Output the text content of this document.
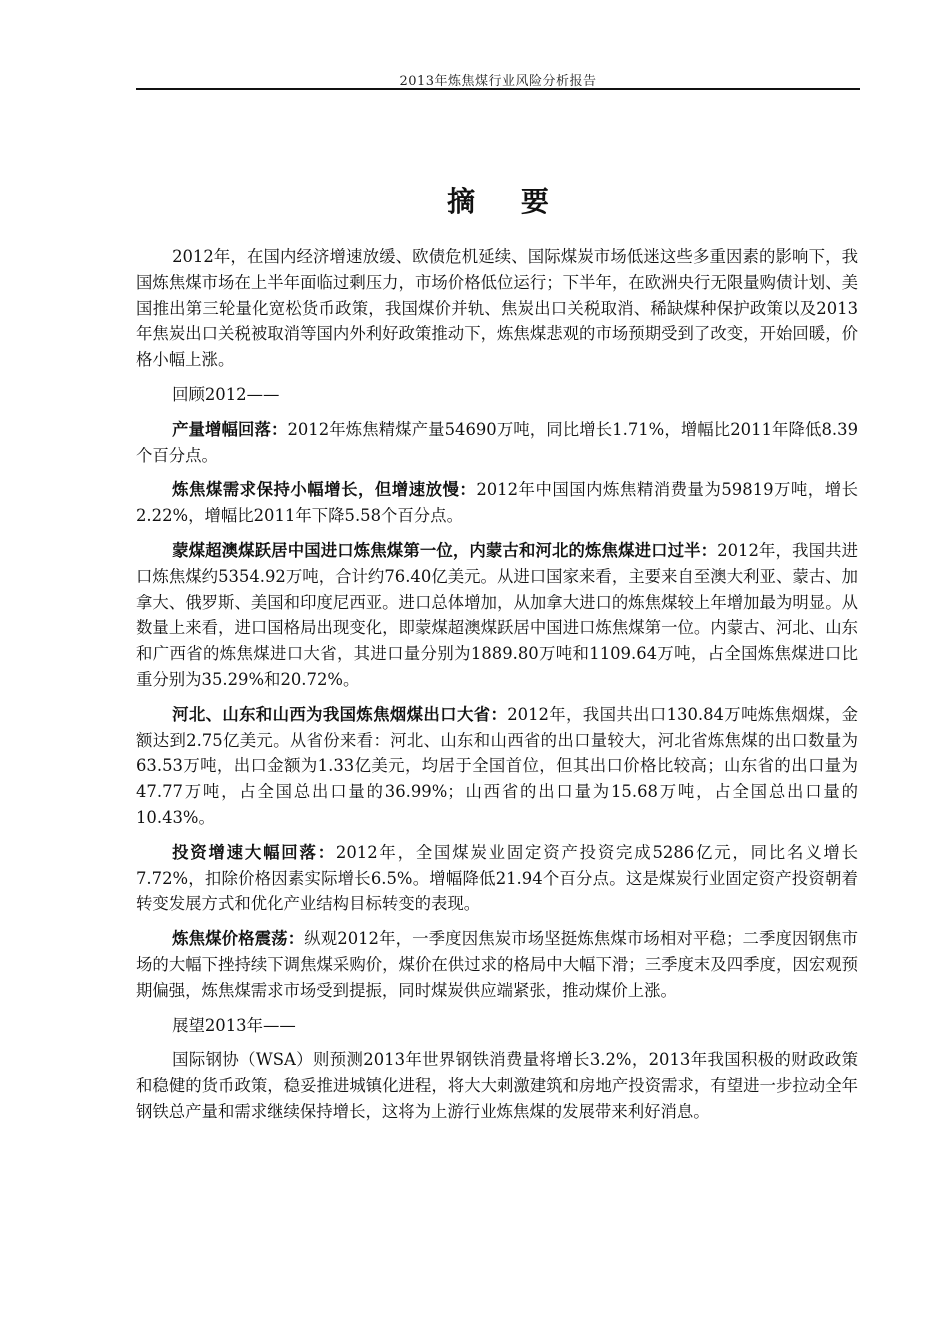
2013年炼焦煤行业风险分析报告
摘 要

2012年，在国内经济增速放缓、欧债危机延续、国际煤炭市场低迷这些多重因素的影响下，我国炼焦煤市场在上半年面临过剩压力，市场价格低位运行；下半年，在欧洲央行无限量购债计划、美国推出第三轮量化宽松货币政策，我国煤价并轨、焦炭出口关税取消、稀缺煤种保护政策以及2013年焦炭出口关税被取消等国内外利好政策推动下，炼焦煤悲观的市场预期受到了改变，开始回暖，价格小幅上涨。

回顾2012——

产量增幅回落：2012年炼焦精煤产量54690万吨，同比增长1.71%，增幅比2011年降低8.39个百分点。

炼焦煤需求保持小幅增长，但增速放慢：2012年中国国内炼焦精消费量为59819万吨，增长2.22%，增幅比2011年下降5.58个百分点。

蒙煤超澳煤跃居中国进口炼焦煤第一位，内蒙古和河北的炼焦煤进口过半：2012年，我国共进口炼焦煤约5354.92万吨，合计约76.40亿美元。从进口国家来看，主要来自至澳大利亚、蒙古、加拿大、俄罗斯、美国和印度尼西亚。进口总体增加，从加拿大进口的炼焦煤较上年增加最为明显。从数量上来看，进口国格局出现变化，即蒙煤超澳煤跃居中国进口炼焦煤第一位。内蒙古、河北、山东和广西省的炼焦煤进口大省，其进口量分别为1889.80万吨和1109.64万吨，占全国炼焦煤进口比重分别为35.29%和20.72%。

河北、山东和山西为我国炼焦烟煤出口大省：2012年，我国共出口130.84万吨炼焦烟煤，金额达到2.75亿美元。从省份来看：河北、山东和山西省的出口量较大，河北省炼焦煤的出口数量为63.53万吨，出口金额为1.33亿美元，均居于全国首位，但其出口价格比较高；山东省的出口量为47.77万吨，占全国总出口量的36.99%；山西省的出口量为15.68万吨，占全国总出口量的10.43%。

投资增速大幅回落：2012年，全国煤炭业固定资产投资完成5286亿元，同比名义增长7.72%，扣除价格因素实际增长6.5%。增幅降低21.94个百分点。这是煤炭行业固定资产投资朝着转变发展方式和优化产业结构目标转变的表现。

炼焦煤价格震荡：纵观2012年，一季度因焦炭市场坚挺炼焦煤市场相对平稳；二季度因钢焦市场的大幅下挫持续下调焦煤采购价，煤价在供过求的格局中大幅下滑；三季度末及四季度，因宏观预期偏强，炼焦煤需求市场受到提振，同时煤炭供应端紧张，推动煤价上涨。

展望2013年——

国际钢协（WSA）则预测2013年世界钢铁消费量将增长3.2%，2013年我国积极的财政政策和稳健的货币政策，稳妥推进城镇化进程，将大大刺激建筑和房地产投资需求，有望进一步拉动全年钢铁总产量和需求继续保持增长，这将为上游行业炼焦煤的发展带来利好消息。
